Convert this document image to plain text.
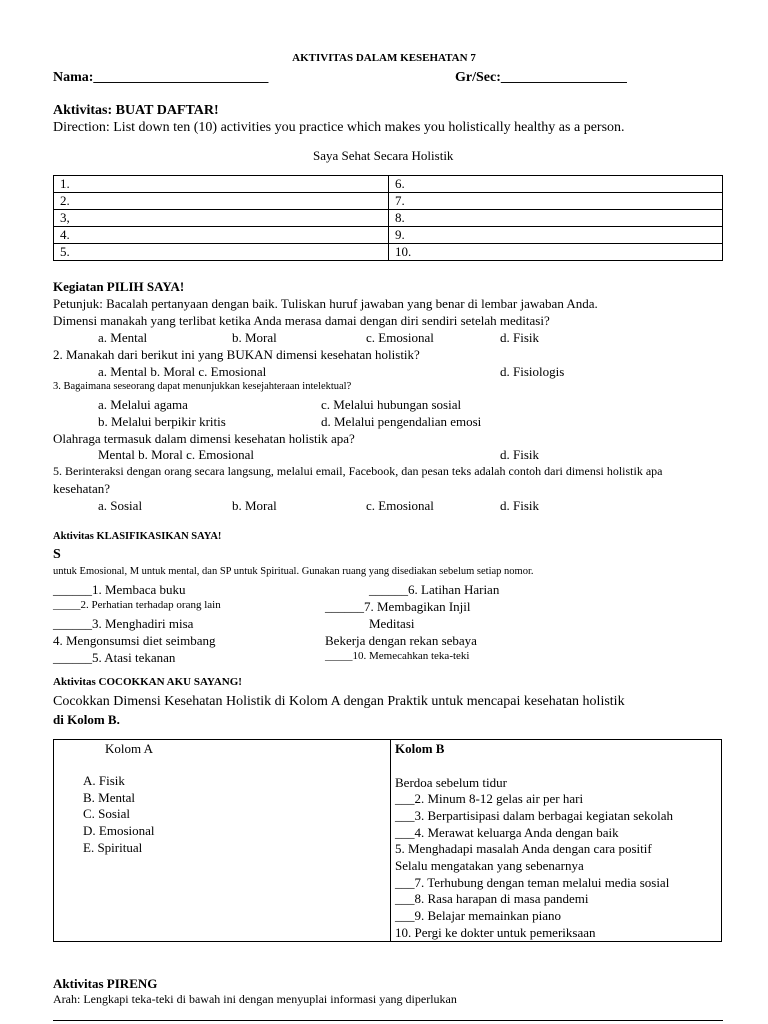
AKTIVITAS DALAM KESEHATAN 7
Nama:_________________________	Gr/Sec:__________________
Aktivitas: BUAT DAFTAR!
Direction: List down ten (10) activities you practice which makes you holistically healthy as a person.
Saya Sehat Secara Holistik
1.	6.
2.	7.
3,	8.
4.	9.
5.	10.
Kegiatan PILIH SAYA!
Petunjuk: Bacalah pertanyaan dengan baik. Tuliskan huruf jawaban yang benar di lembar jawaban Anda.
Dimensi manakah yang terlibat ketika Anda merasa damai dengan diri sendiri setelah meditasi?
a. Mental	b. Moral	c. Emosional	d. Fisik
2. Manakah dari berikut ini yang BUKAN dimensi kesehatan holistik?
a. Mental b. Moral c. Emosional	d. Fisiologis
3. Bagaimana seseorang dapat menunjukkan kesejahteraan intelektual?
a. Melalui agama	c. Melalui hubungan sosial
b. Melalui berpikir kritis	d. Melalui pengendalian emosi
Olahraga termasuk dalam dimensi kesehatan holistik apa?
Mental b. Moral c. Emosional	d. Fisik
5. Berinteraksi dengan orang secara langsung, melalui email, Facebook, dan pesan teks adalah contoh dari dimensi holistik apa
kesehatan?
a. Sosial	b. Moral	c. Emosional	d. Fisik
Aktivitas KLASIFIKASIKAN SAYA!
S
untuk Emosional, M untuk mental, dan SP untuk Spiritual. Gunakan ruang yang disediakan sebelum setiap nomor.
______1. Membaca buku	______6. Latihan Harian
_____2. Perhatian terhadap orang lain	______7. Membagikan Injil
______3. Menghadiri misa	Meditasi
4. Mengonsumsi diet seimbang	Bekerja dengan rekan sebaya
______5. Atasi tekanan	_____10. Memecahkan teka-teki
Aktivitas COCOKKAN AKU SAYANG!
Cocokkan Dimensi Kesehatan Holistik di Kolom A dengan Praktik untuk mencapai kesehatan holistik
di Kolom B.
Kolom A
A. Fisik
B. Mental
C. Sosial
D. Emosional
E. Spiritual
Kolom B
Berdoa sebelum tidur
___2. Minum 8-12 gelas air per hari
___3. Berpartisipasi dalam berbagai kegiatan sekolah
___4. Merawat keluarga Anda dengan baik
5. Menghadapi masalah Anda dengan cara positif
Selalu mengatakan yang sebenarnya
___7. Terhubung dengan teman melalui media sosial
___8. Rasa harapan di masa pandemi
___9. Belajar memainkan piano
10. Pergi ke dokter untuk pemeriksaan
Aktivitas PIRENG
Arah: Lengkapi teka-teki di bawah ini dengan menyuplai informasi yang diperlukan
